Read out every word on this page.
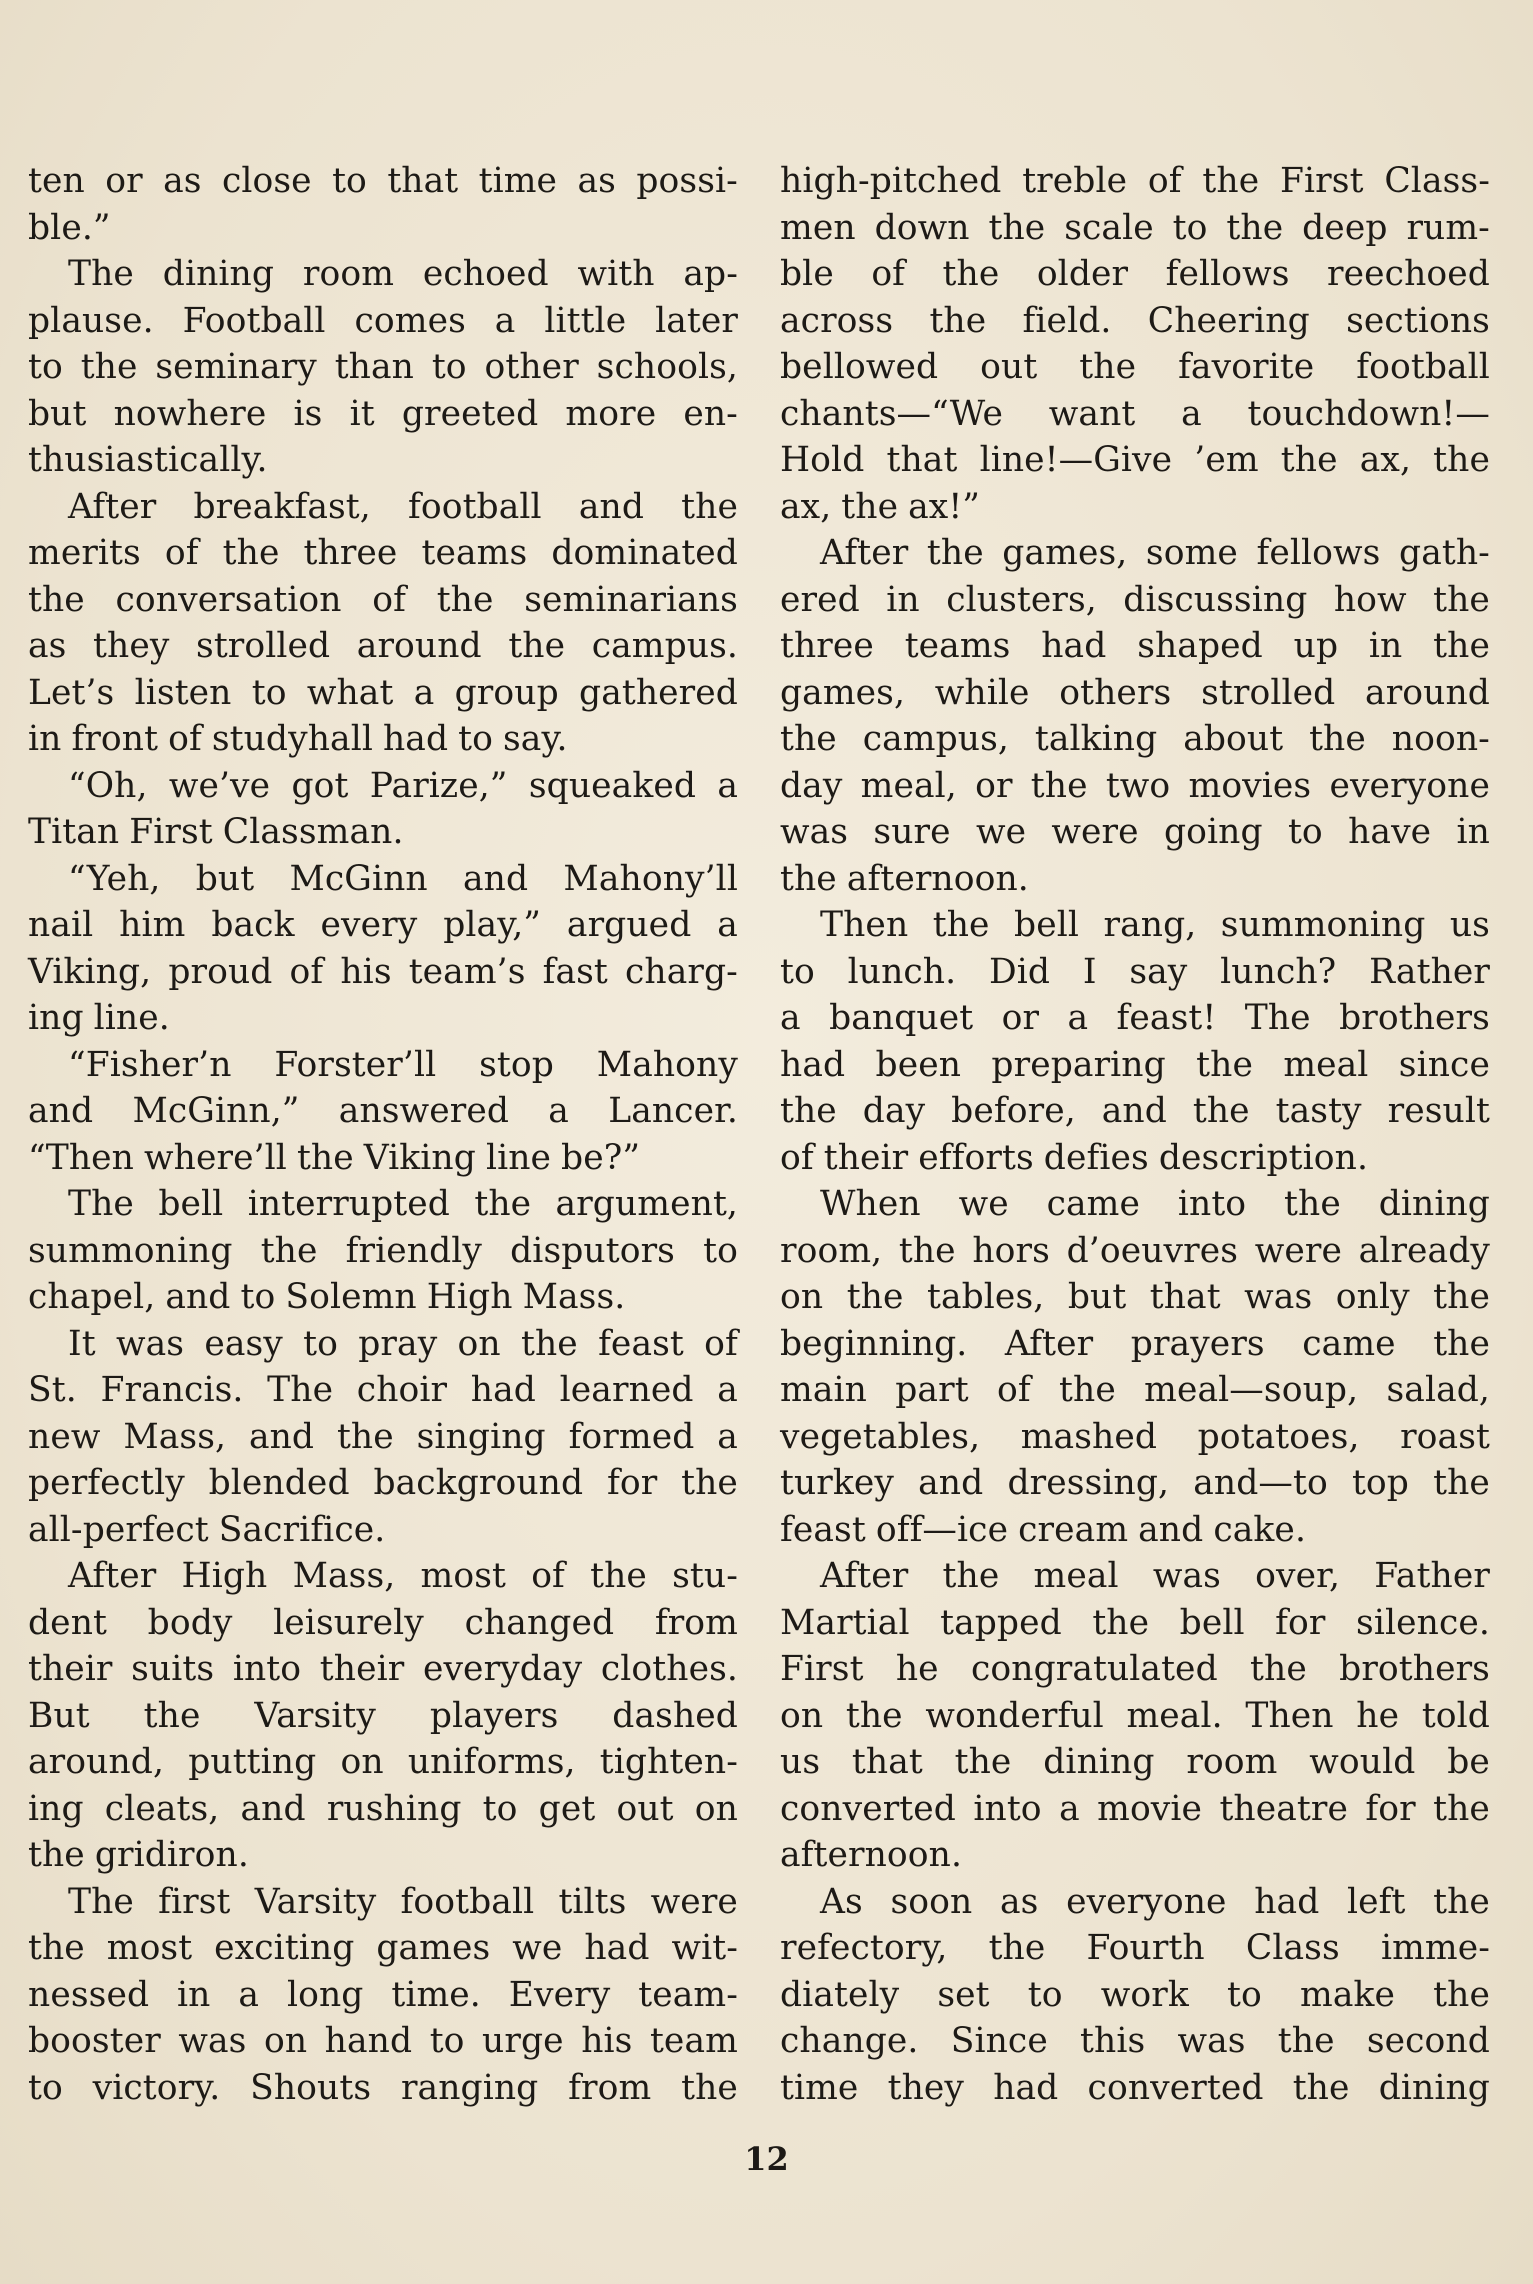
ten or as close to that time as possi-
ble.”
The dining room echoed with ap-
plause. Football comes a little later
to the seminary than to other schools,
but nowhere is it greeted more en-
thusiastically.
After breakfast, football and the
merits of the three teams dominated
the conversation of the seminarians
as they strolled around the campus.
Let’s listen to what a group gathered
in front of studyhall had to say.
“Oh, we’ve got Parize,” squeaked a
Titan First Classman.
“Yeh, but McGinn and Mahony’ll
nail him back every play,” argued a
Viking, proud of his team’s fast charg-
ing line.
“Fisher’n Forster’ll stop Mahony
and McGinn,” answered a Lancer.
“Then where’ll the Viking line be?”
The bell interrupted the argument,
summoning the friendly disputors to
chapel, and to Solemn High Mass.
It was easy to pray on the feast of
St. Francis. The choir had learned a
new Mass, and the singing formed a
perfectly blended background for the
all-perfect Sacrifice.
After High Mass, most of the stu-
dent body leisurely changed from
their suits into their everyday clothes.
But the Varsity players dashed
around, putting on uniforms, tighten-
ing cleats, and rushing to get out on
the gridiron.
The first Varsity football tilts were
the most exciting games we had wit-
nessed in a long time. Every team-
booster was on hand to urge his team
to victory. Shouts ranging from the
high-pitched treble of the First Class-
men down the scale to the deep rum-
ble of the older fellows reechoed
across the field. Cheering sections
bellowed out the favorite football
chants—“We want a touchdown!—
Hold that line!—Give ’em the ax, the
ax, the ax!”
After the games, some fellows gath-
ered in clusters, discussing how the
three teams had shaped up in the
games, while others strolled around
the campus, talking about the noon-
day meal, or the two movies everyone
was sure we were going to have in
the afternoon.
Then the bell rang, summoning us
to lunch. Did I say lunch? Rather
a banquet or a feast! The brothers
had been preparing the meal since
the day before, and the tasty result
of their efforts defies description.
When we came into the dining
room, the hors d’oeuvres were already
on the tables, but that was only the
beginning. After prayers came the
main part of the meal—soup, salad,
vegetables, mashed potatoes, roast
turkey and dressing, and—to top the
feast off—ice cream and cake.
After the meal was over, Father
Martial tapped the bell for silence.
First he congratulated the brothers
on the wonderful meal. Then he told
us that the dining room would be
converted into a movie theatre for the
afternoon.
As soon as everyone had left the
refectory, the Fourth Class imme-
diately set to work to make the
change. Since this was the second
time they had converted the dining
12
